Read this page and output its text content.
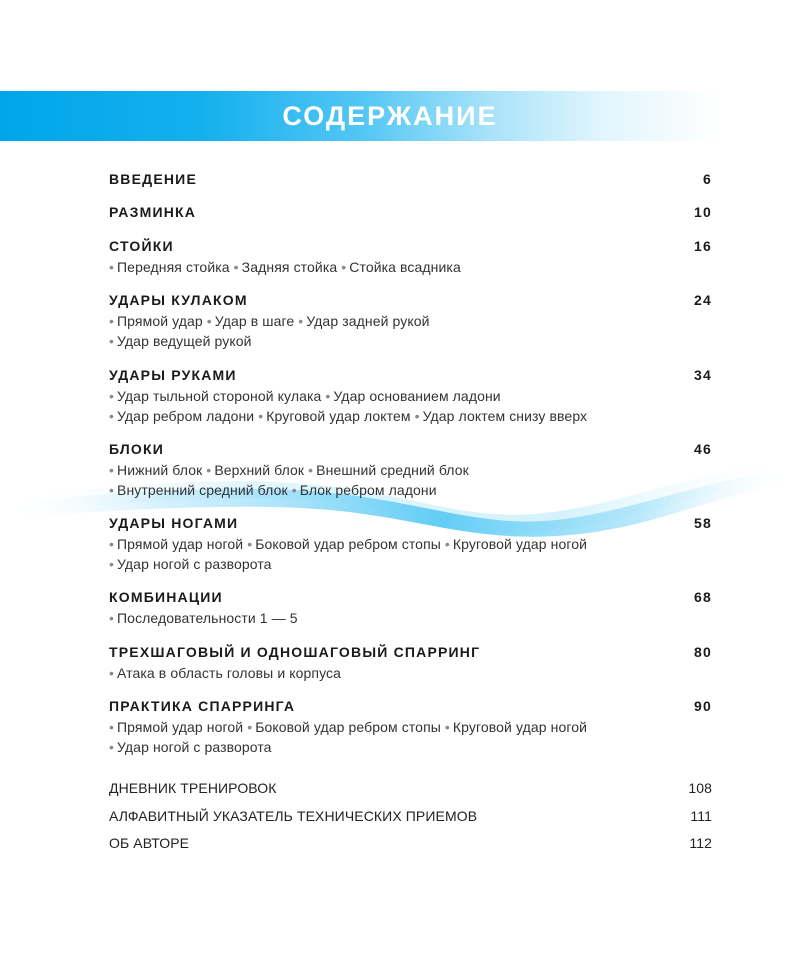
СОДЕРЖАНИЕ
ВВЕДЕНИЕ	6
РАЗМИНКА	10
СТОЙКИ	16
• Передняя стойка • Задняя стойка • Стойка всадника
УДАРЫ КУЛАКОМ	24
• Прямой удар • Удар в шаге • Удар задней рукой
• Удар ведущей рукой
УДАРЫ РУКАМИ	34
• Удар тыльной стороной кулака • Удар основанием ладони
• Удар ребром ладони • Круговой удар локтем • Удар локтем снизу вверх
БЛОКИ	46
• Нижний блок • Верхний блок • Внешний средний блок
• Внутренний средний блок • Блок ребром ладони
УДАРЫ НОГАМИ	58
• Прямой удар ногой • Боковой удар ребром стопы • Круговой удар ногой
• Удар ногой с разворота
КОМБИНАЦИИ	68
• Последовательности 1 — 5
ТРЕХШАГОВЫЙ И ОДНОШАГОВЫЙ СПАРРИНГ	80
• Атака в область головы и корпуса
ПРАКТИКА СПАРРИНГА	90
• Прямой удар ногой • Боковой удар ребром стопы • Круговой удар ногой
• Удар ногой с разворота
ДНЕВНИК ТРЕНИРОВОК	108
АЛФАВИТНЫЙ УКАЗАТЕЛЬ ТЕХНИЧЕСКИХ ПРИЕМОВ	111
ОБ АВТОРЕ	112
